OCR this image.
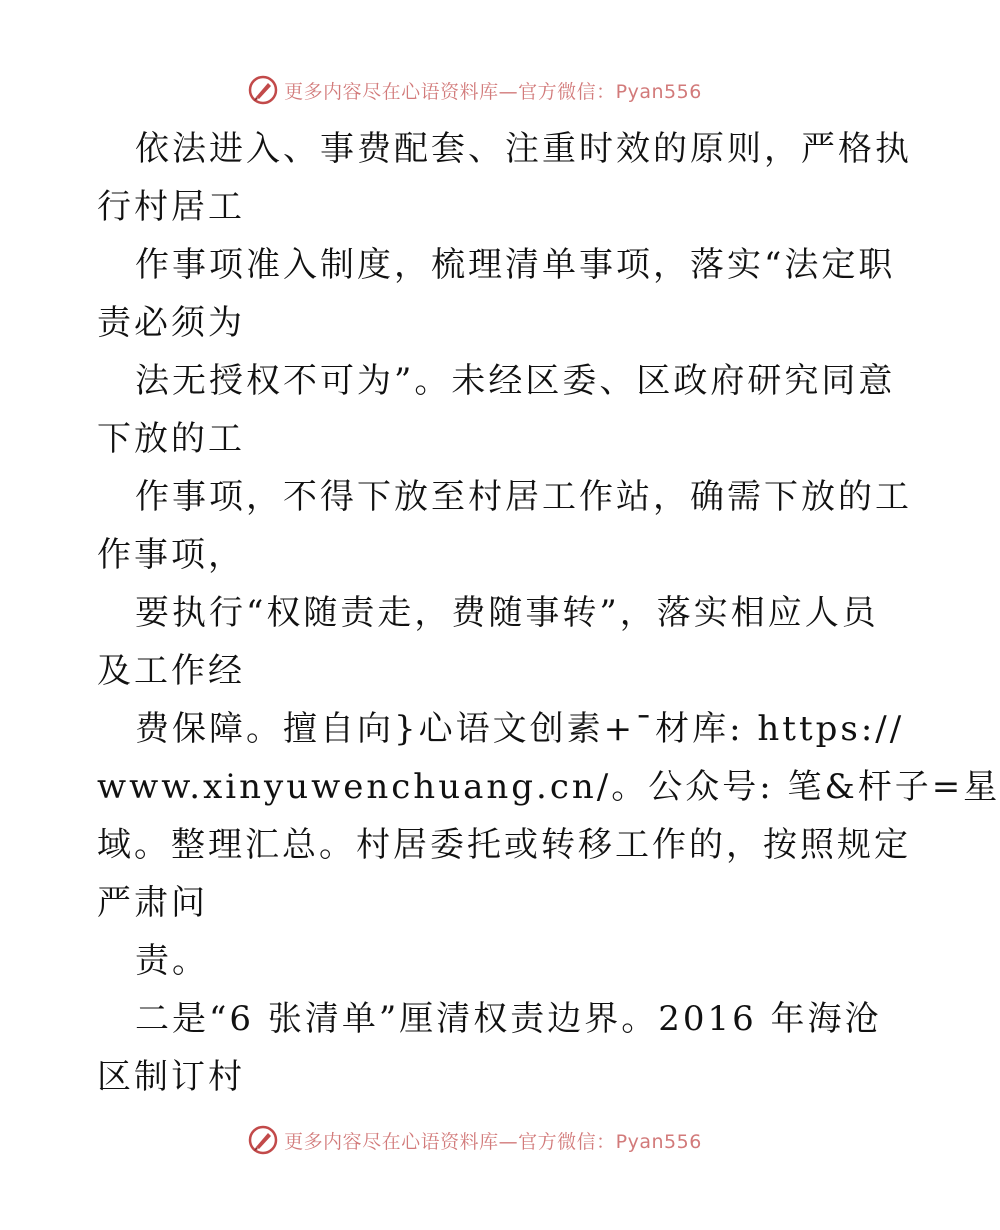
更多内容尽在心语资料库—官方微信：Pyan556
依法进入、事费配套、注重时效的原则，严格执
行村居工
作事项准入制度，梳理清单事项，落实“法定职
责必须为
法无授权不可为”。未经区委、区政府研究同意
下放的工
作事项，不得下放至村居工作站，确需下放的工
作事项，
要执行“权随责走，费随事转”，落实相应人员
及工作经
费保障。擅自向}心语文创素+¯材库: https://
www.xinyuwenchuang.cn/。公众号: 笔&杆子=星
域。整理汇总。村居委托或转移工作的，按照规定
严肃问
责。
二是“6 张清单”厘清权责边界。2016 年海沧
区制订村
更多内容尽在心语资料库—官方微信：Pyan556
